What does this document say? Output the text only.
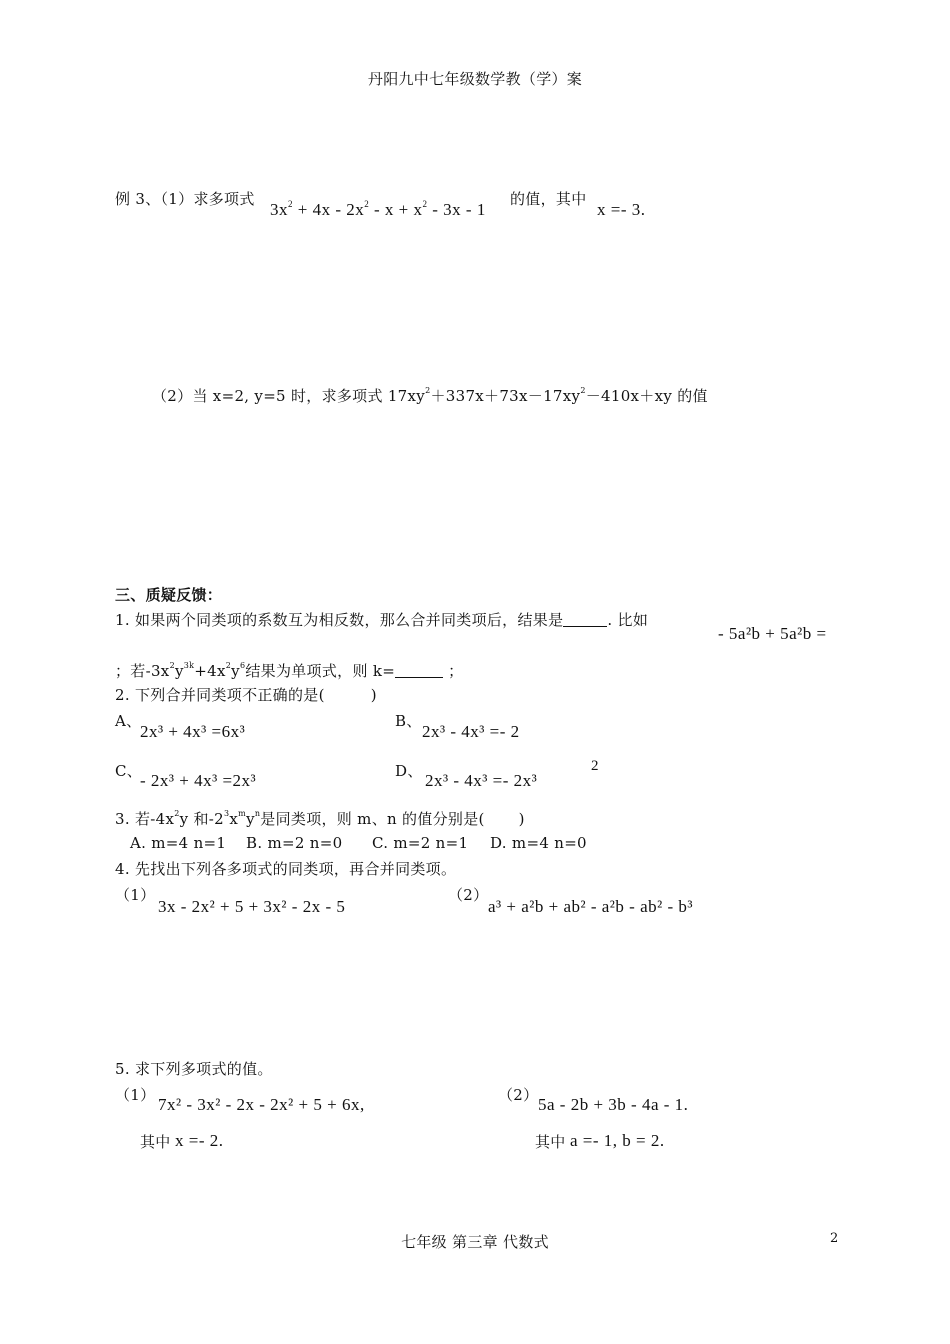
丹阳九中七年级数学教（学）案
例 3、（1）求多项式
$3x^2 + 4x - 2x^2 - x + x^2 - 3x - 1$
的值，其中
x =- 3.
（2）当 x=2, y=5 时，求多项式 $17xy^2+337x+73x-17xy^2-410x+xy$ 的值
三、质疑反馈：
1. 如果两个同类项的系数互为相反数，那么合并同类项后，结果是	. 比如
- 5a²b + 5a²b =
；若$-3x^2y^{3k}+4x^2y^6$结果为单项式，则 k=	；
2. 下列合并同类项不正确的是(	)
A、
2x³ + 4x³ =6x³
B、
2x³ - 4x³ =- 2
C、
- 2x³ + 4x³ =2x³	D、 2x³ - 4x³ =- 2x³
2
3. 若$-4x^2y$ 和$-2^3x^my^n$是同类项，则 m、n 的值分别是( )
A. m=4 n=1 B. m=2 n=0 C. m=2 n=1 D. m=4 n=0
4. 先找出下列各多项式的同类项，再合并同类项。
（1）
3x - 2x² + 5 + 3x² - 2x - 5
（2）
a³ + a²b + ab² - a²b - ab² - b³
5. 求下列多项式的值。
（1） 7x² - 3x² - 2x - 2x² + 5 + 6x,
其中 x =- 2.
（2） 5a - 2b + 3b - 4a - 1.
其中 a =- 1, b = 2.
七年级 第三章 代数式	2
